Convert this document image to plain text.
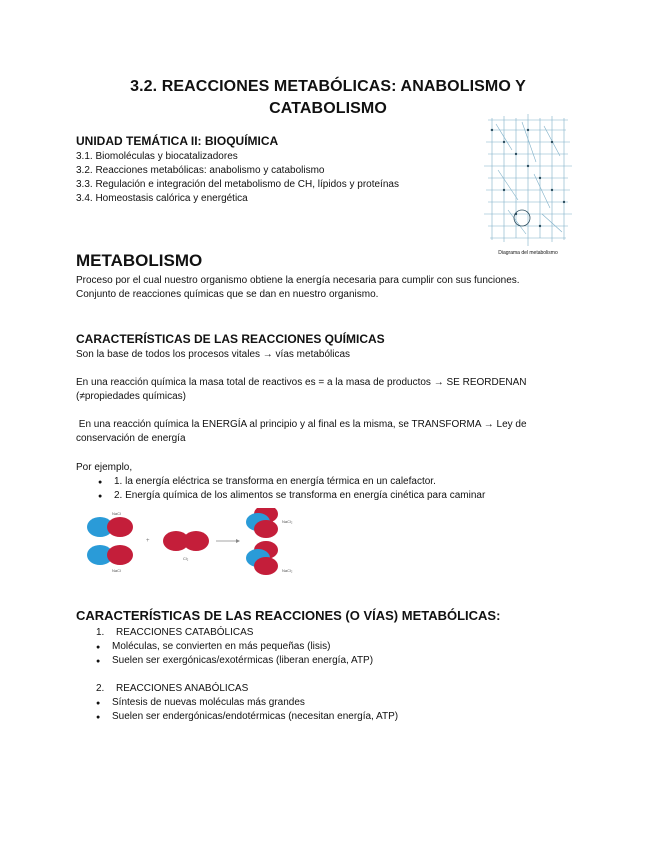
3.2. REACCIONES METABÓLICAS: ANABOLISMO Y
CATABOLISMO
UNIDAD TEMÁTICA II: BIOQUÍMICA
3.1. Biomoléculas y biocatalizadores
3.2. Reacciones metabólicas: anabolismo y catabolismo
3.3. Regulación e integración del metabolismo de CH, lípidos y proteínas
3.4. Homeostasis calórica y energética
Diagrama del metabolismo
METABOLISMO
Proceso por el cual nuestro organismo obtiene la energía necesaria para cumplir con sus funciones.
Conjunto de reacciones químicas que se dan en nuestro organismo.
CARACTERÍSTICAS DE LAS REACCIONES QUÍMICAS
Son la base de todos los procesos vitales → vías metabólicas
En una reacción química la masa total de reactivos es = a la masa de productos → SE REORDENAN
(≠propiedades químicas)
En una reacción química la ENERGÍA al principio y al final es la misma, se TRANSFORMA → Ley de
conservación de energía
Por ejemplo,
● 1. la energía eléctrica se transforma en energía térmica en un calefactor.
● 2. Energía química de los alimentos se transforma en energía cinética para caminar
NaCl
NaCl
+
Cl₂
NaCl₂
NaCl₂
CARACTERÍSTICAS DE LAS REACCIONES (O VÍAS) METABÓLICAS:
1. REACCIONES CATABÓLICAS
● Moléculas, se convierten en más pequeñas (lisis)
● Suelen ser exergónicas/exotérmicas (liberan energía, ATP)
2. REACCIONES ANABÓLICAS
● Síntesis de nuevas moléculas más grandes
● Suelen ser endergónicas/endotérmicas (necesitan energía, ATP)
